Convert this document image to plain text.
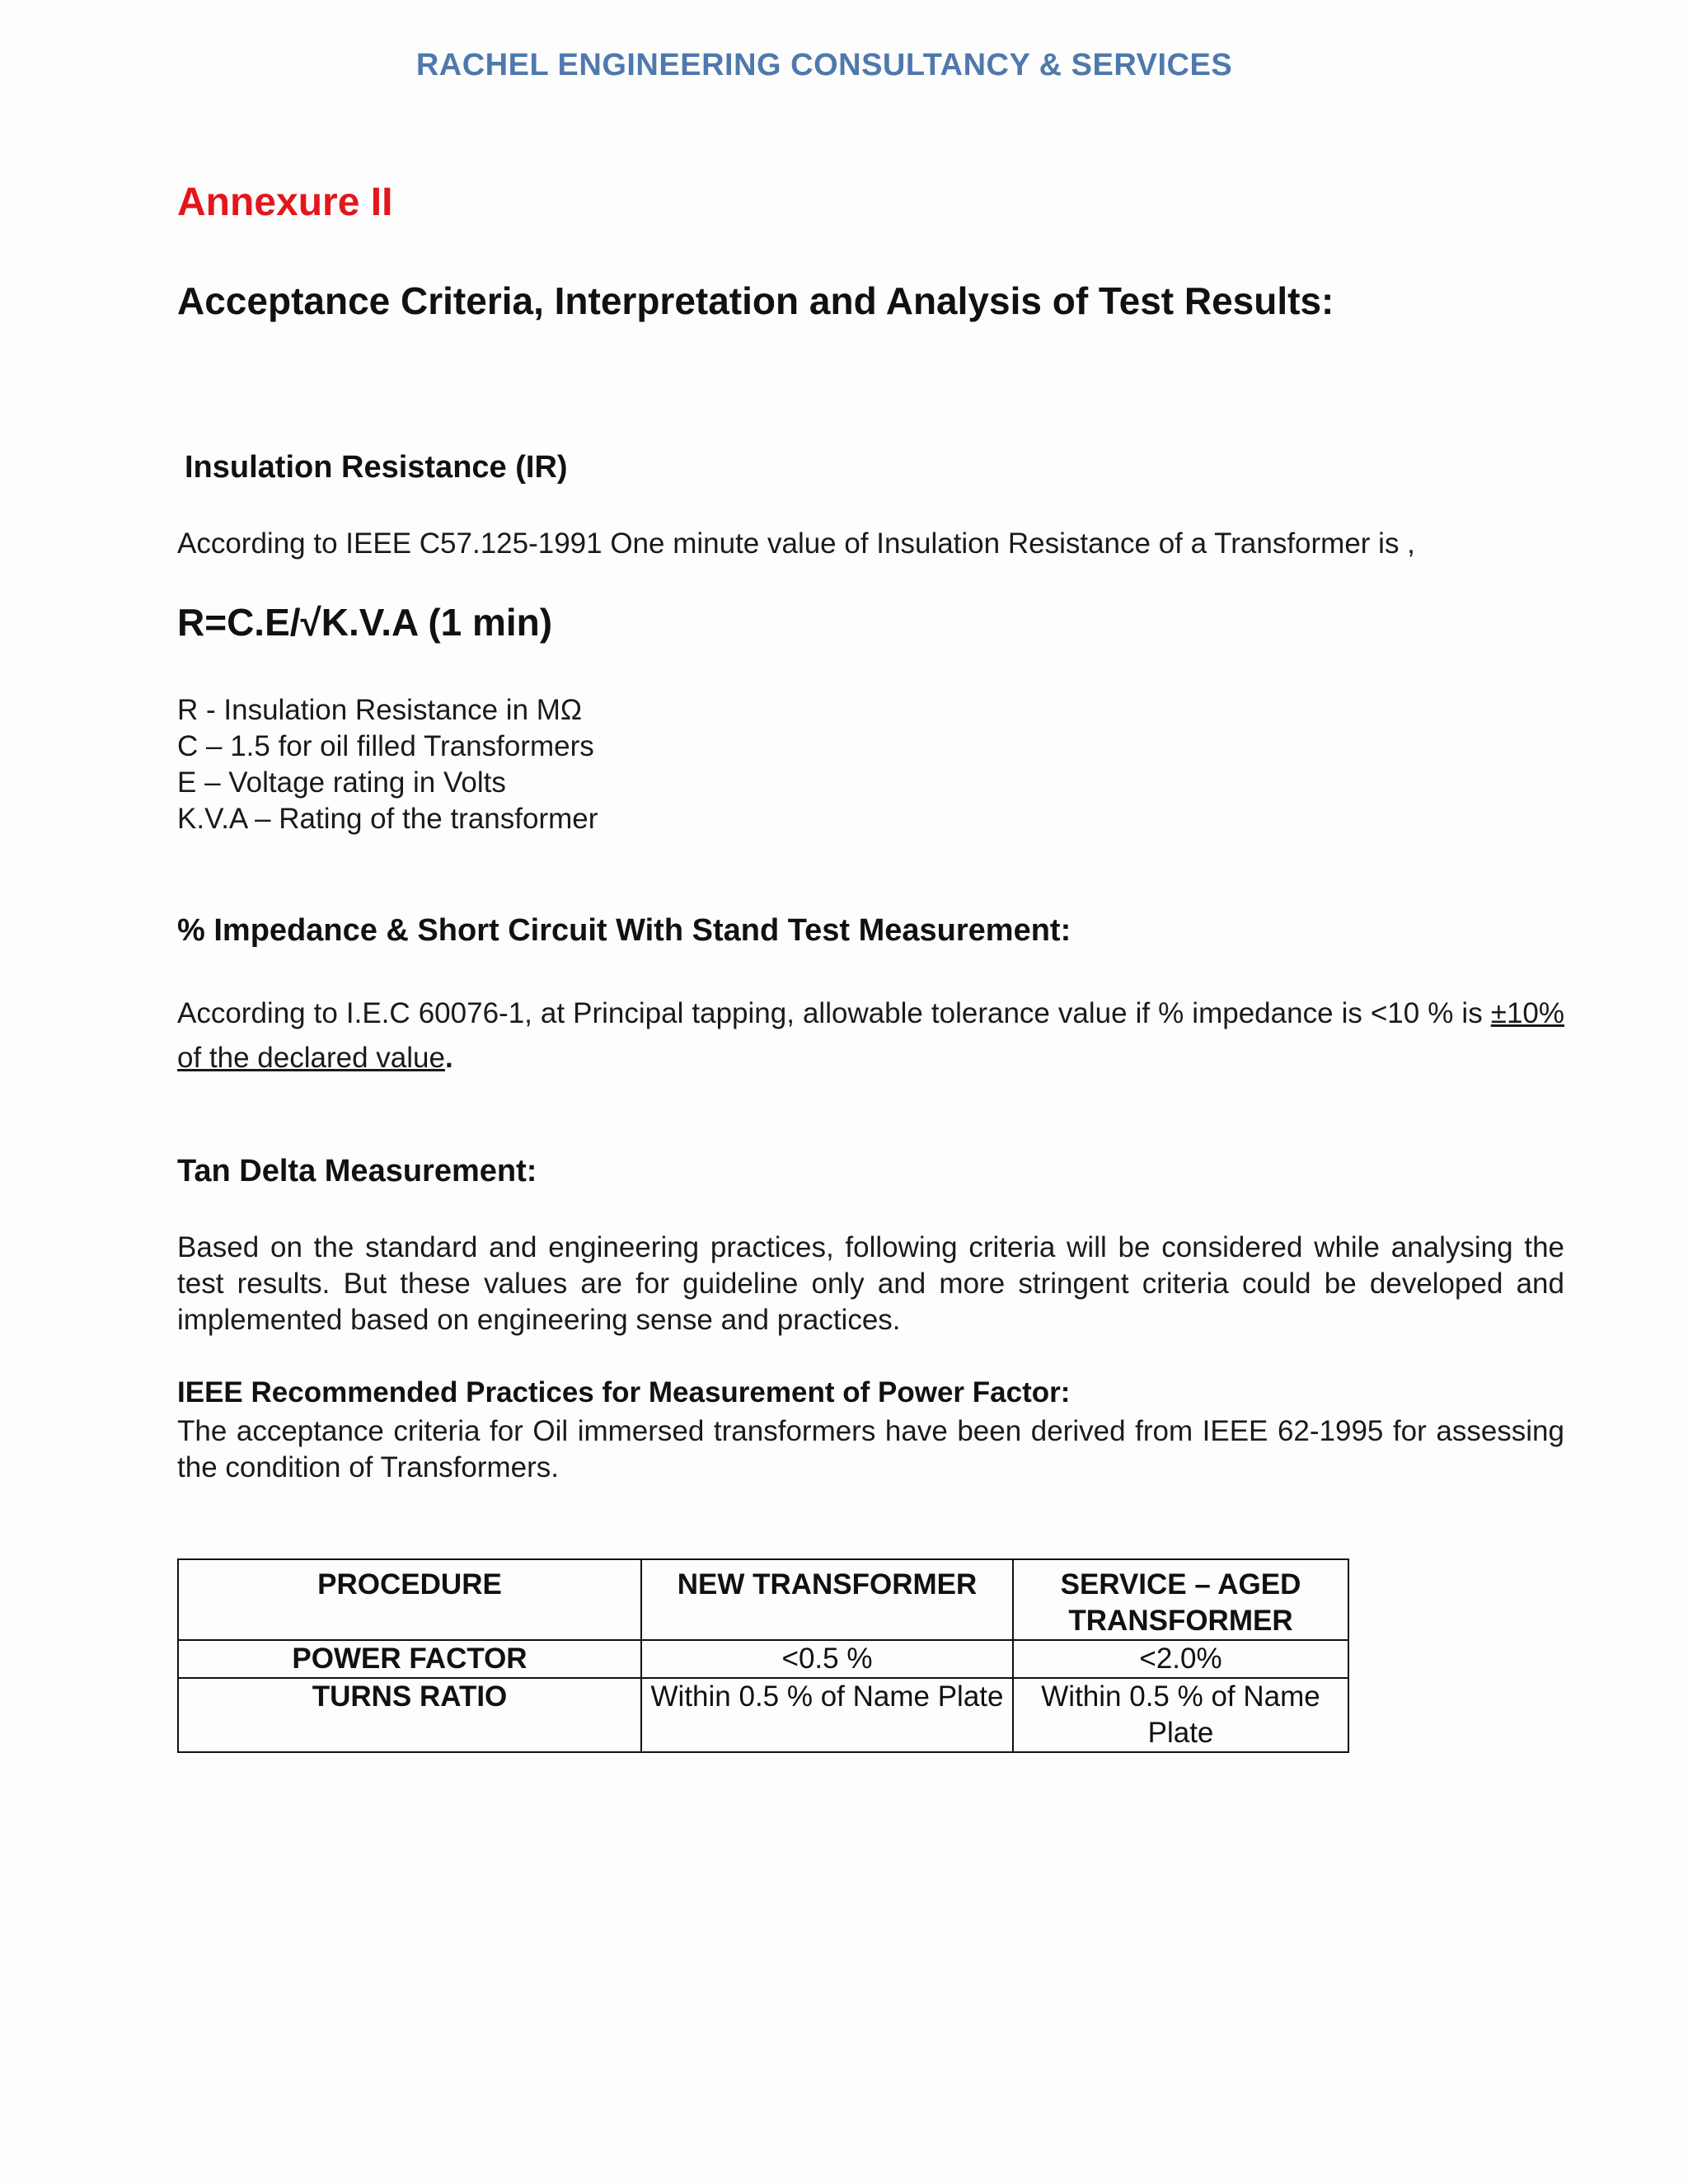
RACHEL ENGINEERING CONSULTANCY & SERVICES
Annexure II
Acceptance Criteria, Interpretation and Analysis of Test Results:
Insulation Resistance (IR)
According to IEEE C57.125-1991 One minute value of Insulation Resistance of a Transformer is ,
R=C.E/√K.V.A (1 min)
R - Insulation Resistance in MΩ
C – 1.5 for oil filled Transformers
E – Voltage rating in Volts
K.V.A – Rating of the transformer
% Impedance & Short Circuit With Stand Test Measurement:
According to I.E.C 60076-1, at Principal tapping, allowable tolerance value if % impedance is <10 % is ±10% of the declared value.
Tan Delta Measurement:
Based on the standard and engineering practices, following criteria will be considered while analysing the test results. But these values are for guideline only and more stringent criteria could be developed and implemented based on engineering sense and practices.
IEEE Recommended Practices for Measurement of Power Factor:
The acceptance criteria for Oil immersed transformers have been derived from IEEE 62-1995 for assessing the condition of Transformers.
PROCEDURE	NEW TRANSFORMER	SERVICE – AGED TRANSFORMER
POWER FACTOR	<0.5 %	<2.0%
TURNS RATIO	Within 0.5 % of Name Plate	Within 0.5 % of Name Plate
